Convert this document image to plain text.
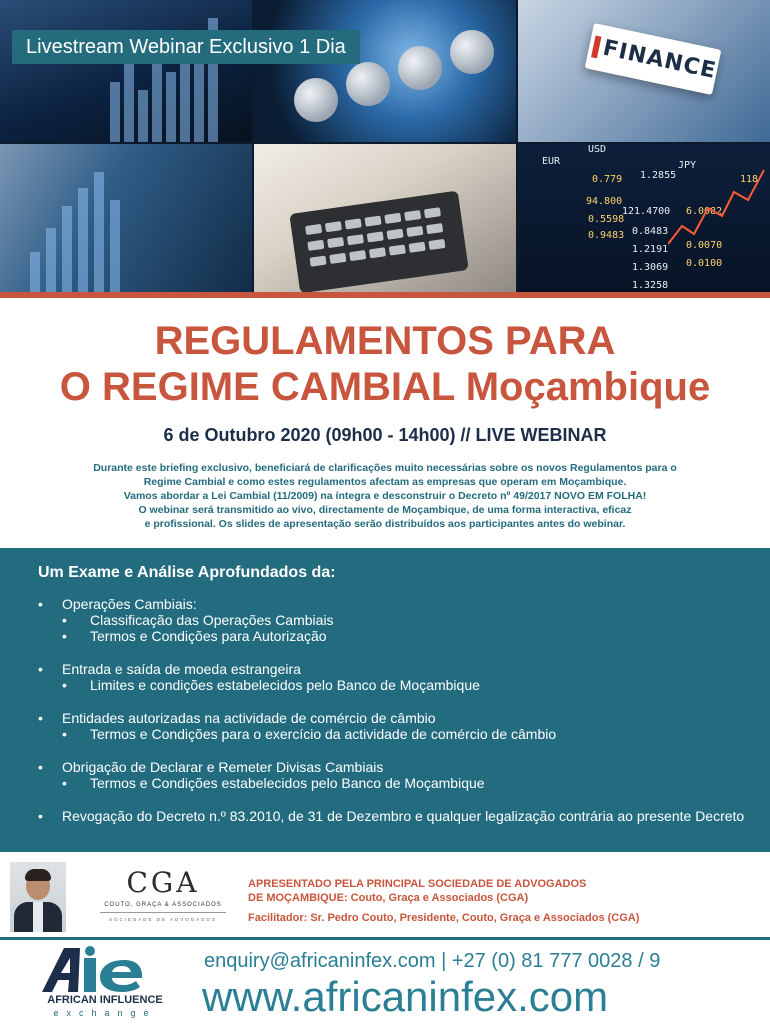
EUR
0.779
94.800
0.5598
0.9483
1.2855
121.4700
0.8483
1.2191
1.3069
1.3258
6.0082
0.0070
0.0100
118
USD
JPY
FINANCE
Livestream Webinar Exclusivo 1 Dia
REGULAMENTOS PARA
O REGIME CAMBIAL Moçambique
6 de Outubro 2020 (09h00 - 14h00) // LIVE WEBINAR
Durante este briefing exclusivo, beneficiará de clarificações muito necessárias sobre os novos Regulamentos para o
Regime Cambial e como estes regulamentos afectam as empresas que operam em Moçambique.
Vamos abordar a Lei Cambial (11/2009) na íntegra e desconstruir o Decreto nº 49/2017 NOVO EM FOLHA!
O webinar será transmitido ao vivo, directamente de Moçambique, de uma forma interactiva, eficaz
e profissional. Os slides de apresentação serão distribuídos aos participantes antes do webinar.
Um Exame e Análise Aprofundados da:
• Operações Cambiais:
• Classificação das Operações Cambiais
• Termos e Condições para Autorização
• Entrada e saída de moeda estrangeira
• Limites e condições estabelecidos pelo Banco de Moçambique
• Entidades autorizadas na actividade de comércio de câmbio
• Termos e Condições para o exercício da actividade de comércio de câmbio
• Obrigação de Declarar e Remeter Divisas Cambiais
• Termos e Condições estabelecidos pelo Banco de Moçambique
• Revogação do Decreto n.º 83.2010, de 31 de Dezembro e qualquer legalização contrária ao presente Decreto
CGA
COUTO, GRAÇA & ASSOCIADOS
SOCIEDADE DE ADVOGADOS
APRESENTADO PELA PRINCIPAL SOCIEDADE DE ADVOGADOS
DE MOÇAMBIQUE: Couto, Graça e Associados (CGA)
Facilitador: Sr. Pedro Couto, Presidente, Couto, Graça e Associados (CGA)
AFRICAN INFLUENCE
exchange
enquiry@africaninfex.com | +27 (0) 81 777 0028 / 9
www.africaninfex.com
